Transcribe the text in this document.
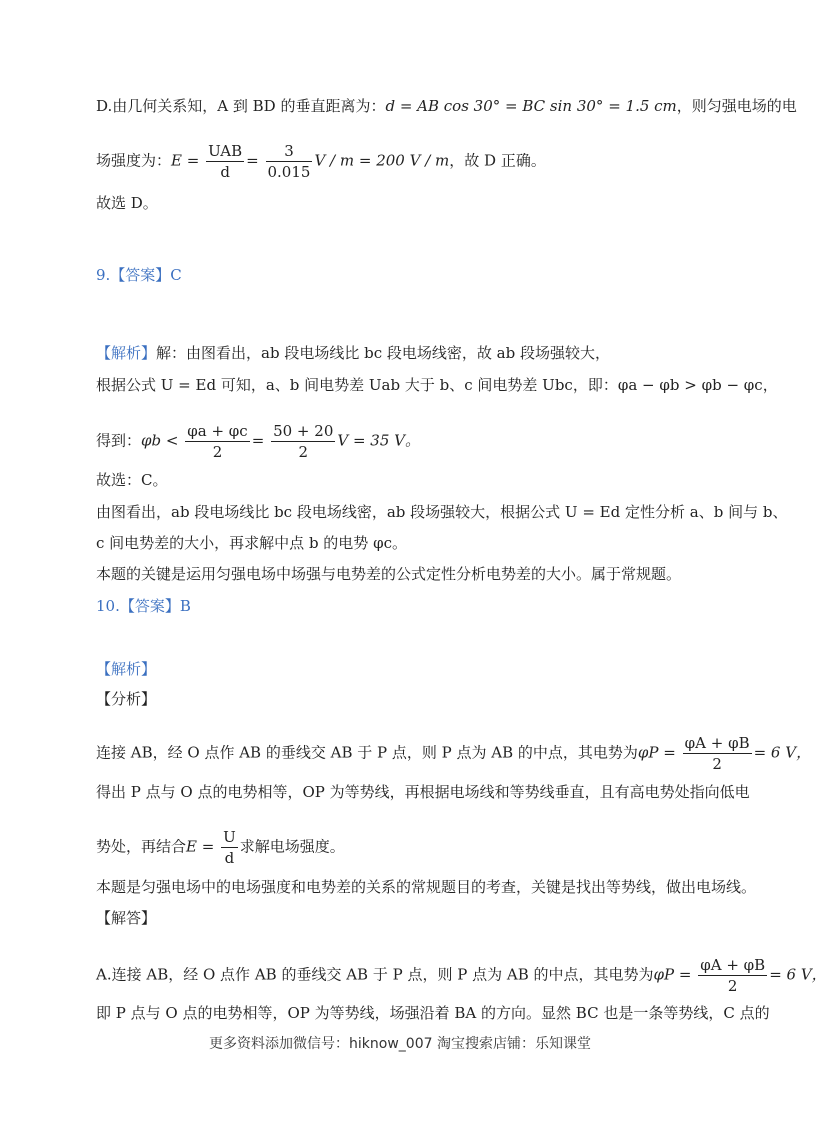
D.由几何关系知，A 到 BD 的垂直距离为：d = AB cos 30° = BC sin 30° = 1.5 cm，则匀强电场的电
场强度为：$E = \frac{\text{UAB}}{d} = \frac{3}{0.015}$ V / m = 200 V / m，故 D 正确。
故选 D。
9.【答案】C
【解析】解：由图看出，ab 段电场线比 bc 段电场线密，故 ab 段场强较大，
根据公式 U = Ed 可知，a、b 间电势差 Uab 大于 b、c 间电势差 Ubc，即：φa − φb > φb − φc，
得到：$\varphi b < \frac{\varphi a + \varphi c}{2} = \frac{50 + 20}{2}$ V = 35 V。
故选：C。
由图看出，ab 段电场线比 bc 段电场线密，ab 段场强较大，根据公式 U = Ed 定性分析 a、b 间与 b、
c 间电势差的大小，再求解中点 b 的电势 φc。
本题的关键是运用匀强电场中场强与电势差的公式定性分析电势差的大小。属于常规题。
10.【答案】B
【解析】
【分析】
连接 AB，经 O 点作 AB 的垂线交 AB 于 P 点，则 P 点为 AB 的中点，其电势为$\varphi P = \frac{\varphi A + \varphi B}{2} = 6$ V，
得出 P 点与 O 点的电势相等，OP 为等势线，再根据电场线和等势线垂直，且有高电势处指向低电
势处，再结合$E = \frac{U}{d}$ 求解电场强度。
本题是匀强电场中的电场强度和电势差的关系的常规题目的考查，关键是找出等势线，做出电场线。
【解答】
A.连接 AB，经 O 点作 AB 的垂线交 AB 于 P 点，则 P 点为 AB 的中点，其电势为$\varphi P = \frac{\varphi A + \varphi B}{2} = 6$ V，
即 P 点与 O 点的电势相等，OP 为等势线，场强沿着 BA 的方向。显然 BC 也是一条等势线，C 点的
更多资料添加微信号：hiknow_007 淘宝搜索店铺：乐知课堂
